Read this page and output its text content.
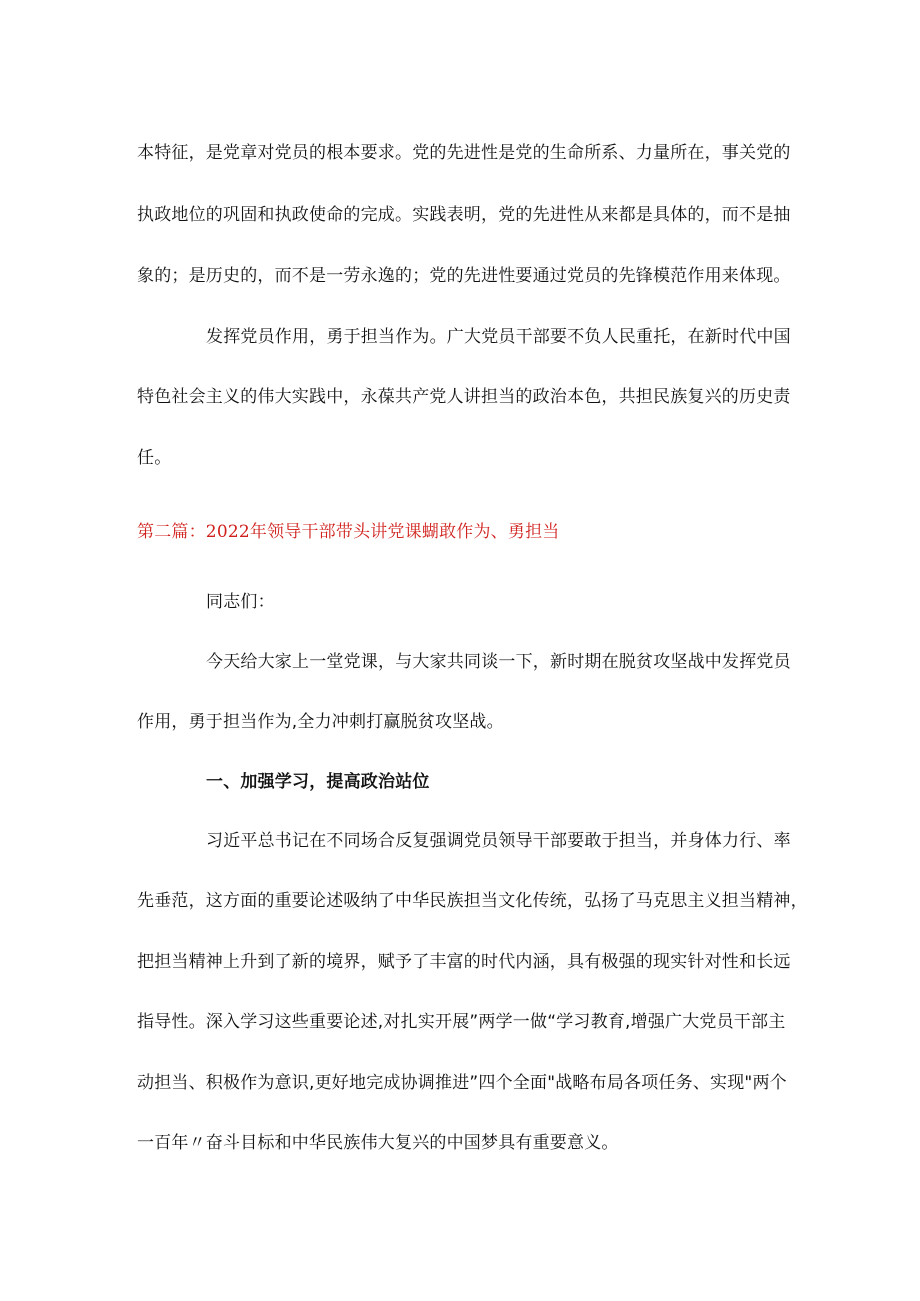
本特征，是党章对党员的根本要求。党的先进性是党的生命所系、力量所在，事关党的
执政地位的巩固和执政使命的完成。实践表明，党的先进性从来都是具体的，而不是抽
象的；是历史的，而不是一劳永逸的；党的先进性要通过党员的先锋模范作用来体现。
发挥党员作用，勇于担当作为。广大党员干部要不负人民重托，在新时代中国
特色社会主义的伟大实践中，永葆共产党人讲担当的政治本色，共担民族复兴的历史责
任。
第二篇：2022年领导干部带头讲党课蝴敢作为、勇担当
同志们：
今天给大家上一堂党课，与大家共同谈一下，新时期在脱贫攻坚战中发挥党员
作用，勇于担当作为,全力冲刺打赢脱贫攻坚战。
一、加强学习，提高政治站位
习近平总书记在不同场合反复强调党员领导干部要敢于担当，并身体力行、率
先垂范，这方面的重要论述吸纳了中华民族担当文化传统，弘扬了马克思主义担当精神，
把担当精神上升到了新的境界，赋予了丰富的时代内涵，具有极强的现实针对性和长远
指导性。深入学习这些重要论述,对扎实开展”两学一做“学习教育,增强广大党员干部主
动担当、积极作为意识,更好地完成协调推进”四个全面"战略布局各项任务、实现"两个
一百年〃奋斗目标和中华民族伟大复兴的中国梦具有重要意义。
